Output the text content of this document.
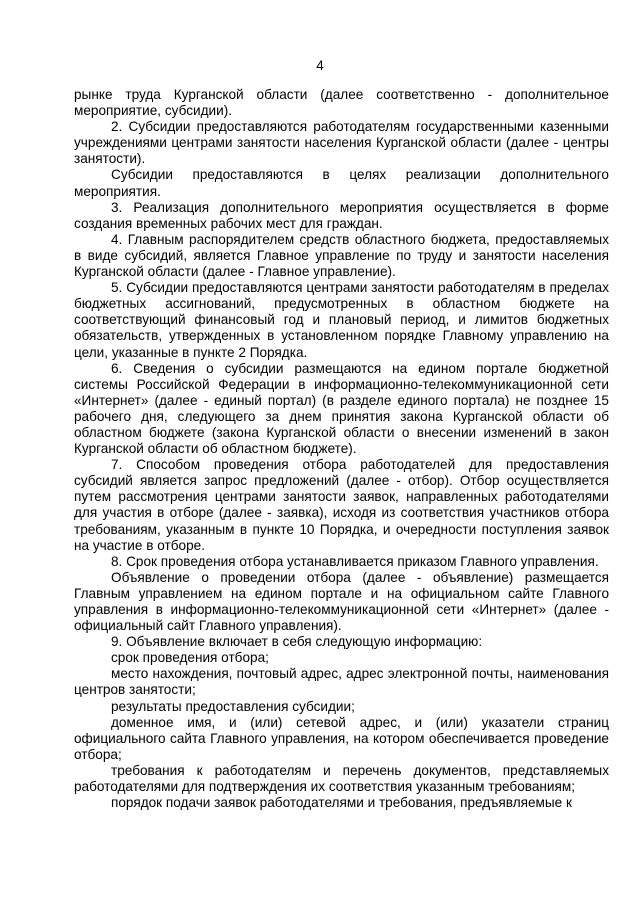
4

рынке труда Курганской области (далее соответственно - дополнительное мероприятие, субсидии).

2. Субсидии предоставляются работодателям государственными казенными учреждениями центрами занятости населения Курганской области (далее - центры занятости).

Субсидии предоставляются в целях реализации дополнительного мероприятия.

3. Реализация дополнительного мероприятия осуществляется в форме создания временных рабочих мест для граждан.

4. Главным распорядителем средств областного бюджета, предоставляемых в виде субсидий, является Главное управление по труду и занятости населения Курганской области (далее - Главное управление).

5. Субсидии предоставляются центрами занятости работодателям в пределах бюджетных ассигнований, предусмотренных в областном бюджете на соответствующий финансовый год и плановый период, и лимитов бюджетных обязательств, утвержденных в установленном порядке Главному управлению на цели, указанные в пункте 2 Порядка.

6. Сведения о субсидии размещаются на едином портале бюджетной системы Российской Федерации в информационно-телекоммуникационной сети «Интернет» (далее - единый портал) (в разделе единого портала) не позднее 15 рабочего дня, следующего за днем принятия закона Курганской области об областном бюджете (закона Курганской области о внесении изменений в закон Курганской области об областном бюджете).

7. Способом проведения отбора работодателей для предоставления субсидий является запрос предложений (далее - отбор). Отбор осуществляется путем рассмотрения центрами занятости заявок, направленных работодателями для участия в отборе (далее - заявка), исходя из соответствия участников отбора требованиям, указанным в пункте 10 Порядка, и очередности поступления заявок на участие в отборе.

8. Срок проведения отбора устанавливается приказом Главного управления.

Объявление о проведении отбора (далее - объявление) размещается Главным управлением на едином портале и на официальном сайте Главного управления в информационно-телекоммуникационной сети «Интернет» (далее - официальный сайт Главного управления).

9. Объявление включает в себя следующую информацию:

срок проведения отбора;

место нахождения, почтовый адрес, адрес электронной почты, наименования центров занятости;

результаты предоставления субсидии;

доменное имя, и (или) сетевой адрес, и (или) указатели страниц официального сайта Главного управления, на котором обеспечивается проведение отбора;

требования к работодателям и перечень документов, представляемых работодателями для подтверждения их соответствия указанным требованиям;

порядок подачи заявок работодателями и требования, предъявляемые к
